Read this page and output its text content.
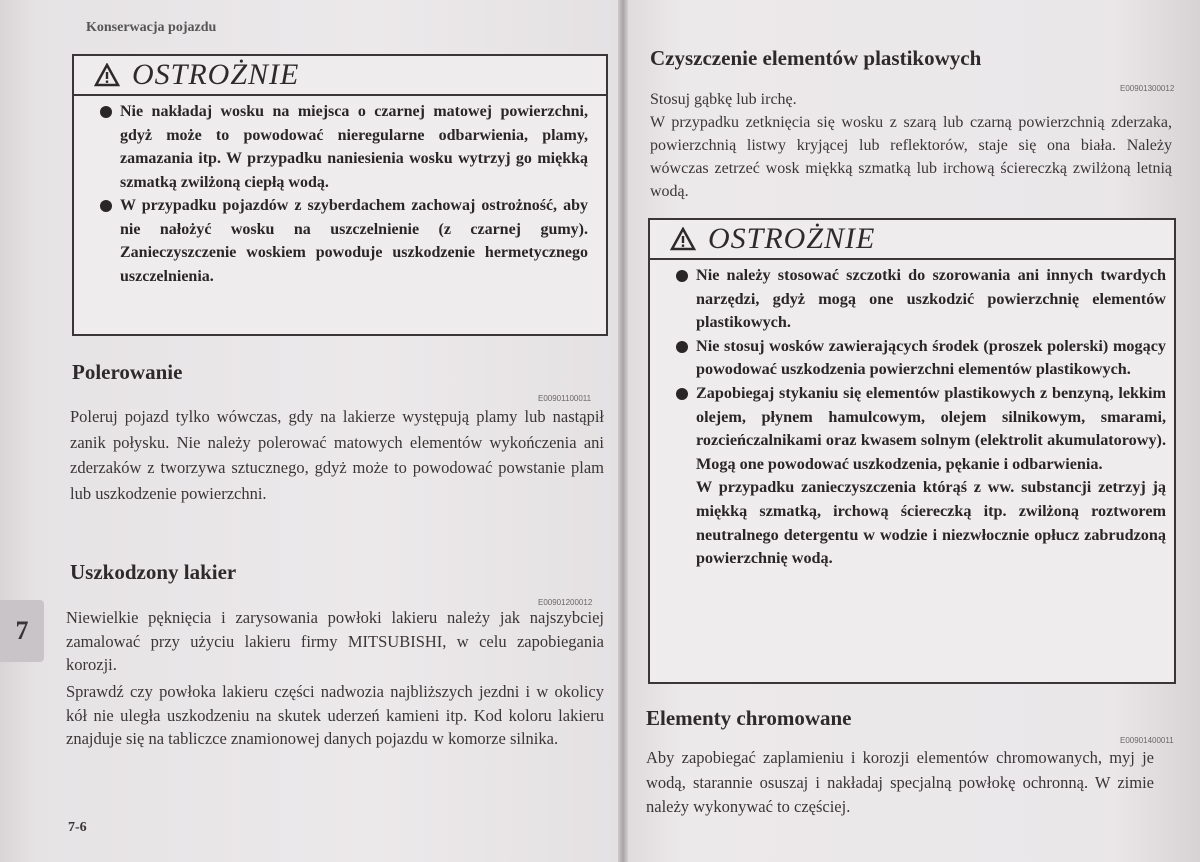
Konserwacja pojazdu
OSTROŻNIE
Nie nakładaj wosku na miejsca o czarnej matowej powierzchni, gdyż może to powodować nieregularne odbarwienia, plamy, zamazania itp. W przypadku naniesienia wosku wytrzyj go miękką szmatką zwilżoną ciepłą wodą.
W przypadku pojazdów z szyberdachem zachowaj ostrożność, aby nie nałożyć wosku na uszczelnienie (z czarnej gumy). Zanieczyszczenie woskiem powoduje uszkodzenie hermetycznego uszczelnienia.
Polerowanie
E00901100011
Poleruj pojazd tylko wówczas, gdy na lakierze występują plamy lub nastąpił zanik połysku. Nie należy polerować matowych elementów wykończenia ani zderzaków z tworzywa sztucznego, gdyż może to powodować powstanie plam lub uszkodzenie powierzchni.
Uszkodzony lakier
E00901200012
Niewielkie pęknięcia i zarysowania powłoki lakieru należy jak najszybciej zamalować przy użyciu lakieru firmy MITSUBISHI, w celu zapobiegania korozji.
Sprawdź czy powłoka lakieru części nadwozia najbliższych jezdni i w okolicy kół nie uległa uszkodzeniu na skutek uderzeń kamieni itp. Kod koloru lakieru znajduje się na tabliczce znamionowej danych pojazdu w komorze silnika.
7
7-6
Czyszczenie elementów plastikowych
E00901300012
Stosuj gąbkę lub irchę.
W przypadku zetknięcia się wosku z szarą lub czarną powierzchnią zderzaka, powierzchnią listwy kryjącej lub reflektorów, staje się ona biała. Należy wówczas zetrzeć wosk miękką szmatką lub irchową ściereczką zwilżoną letnią wodą.
OSTROŻNIE
Nie należy stosować szczotki do szorowania ani innych twardych narzędzi, gdyż mogą one uszkodzić powierzchnię elementów plastikowych.
Nie stosuj wosków zawierających środek (proszek polerski) mogący powodować uszkodzenia powierzchni elementów plastikowych.
Zapobiegaj stykaniu się elementów plastikowych z benzyną, lekkim olejem, płynem hamulcowym, olejem silnikowym, smarami, rozcieńczalnikami oraz kwasem solnym (elektrolit akumulatorowy). Mogą one powodować uszkodzenia, pękanie i odbarwienia.
W przypadku zanieczyszczenia którąś z ww. substancji zetrzyj ją miękką szmatką, irchową ściereczką itp. zwilżoną roztworem neutralnego detergentu w wodzie i niezwłocznie opłucz zabrudzoną powierzchnię wodą.
Elementy chromowane
E00901400011
Aby zapobiegać zaplamieniu i korozji elementów chromowanych, myj je wodą, starannie osuszaj i nakładaj specjalną powłokę ochronną. W zimie należy wykonywać to częściej.
